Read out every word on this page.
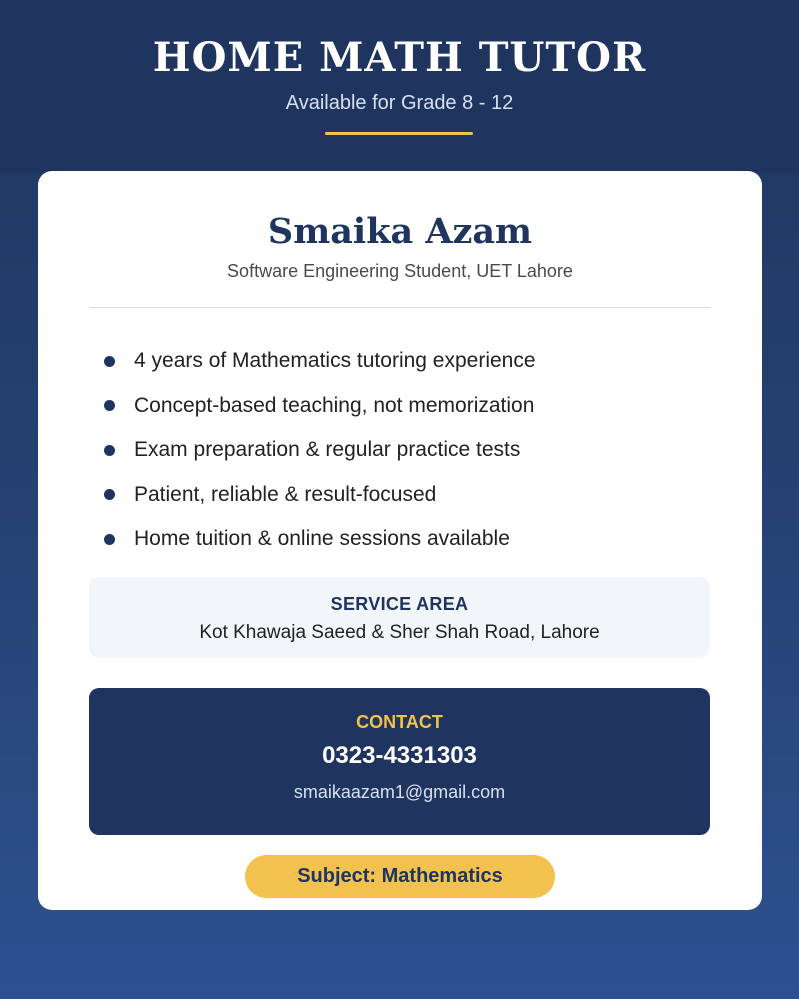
HOME MATH TUTOR
Available for Grade 8 - 12
Smaika Azam
Software Engineering Student, UET Lahore
4 years of Mathematics tutoring experience
Concept-based teaching, not memorization
Exam preparation & regular practice tests
Patient, reliable & result-focused
Home tuition & online sessions available
SERVICE AREA
Kot Khawaja Saeed & Sher Shah Road, Lahore
CONTACT
0323-4331303
smaikaazam1@gmail.com
Subject: Mathematics
